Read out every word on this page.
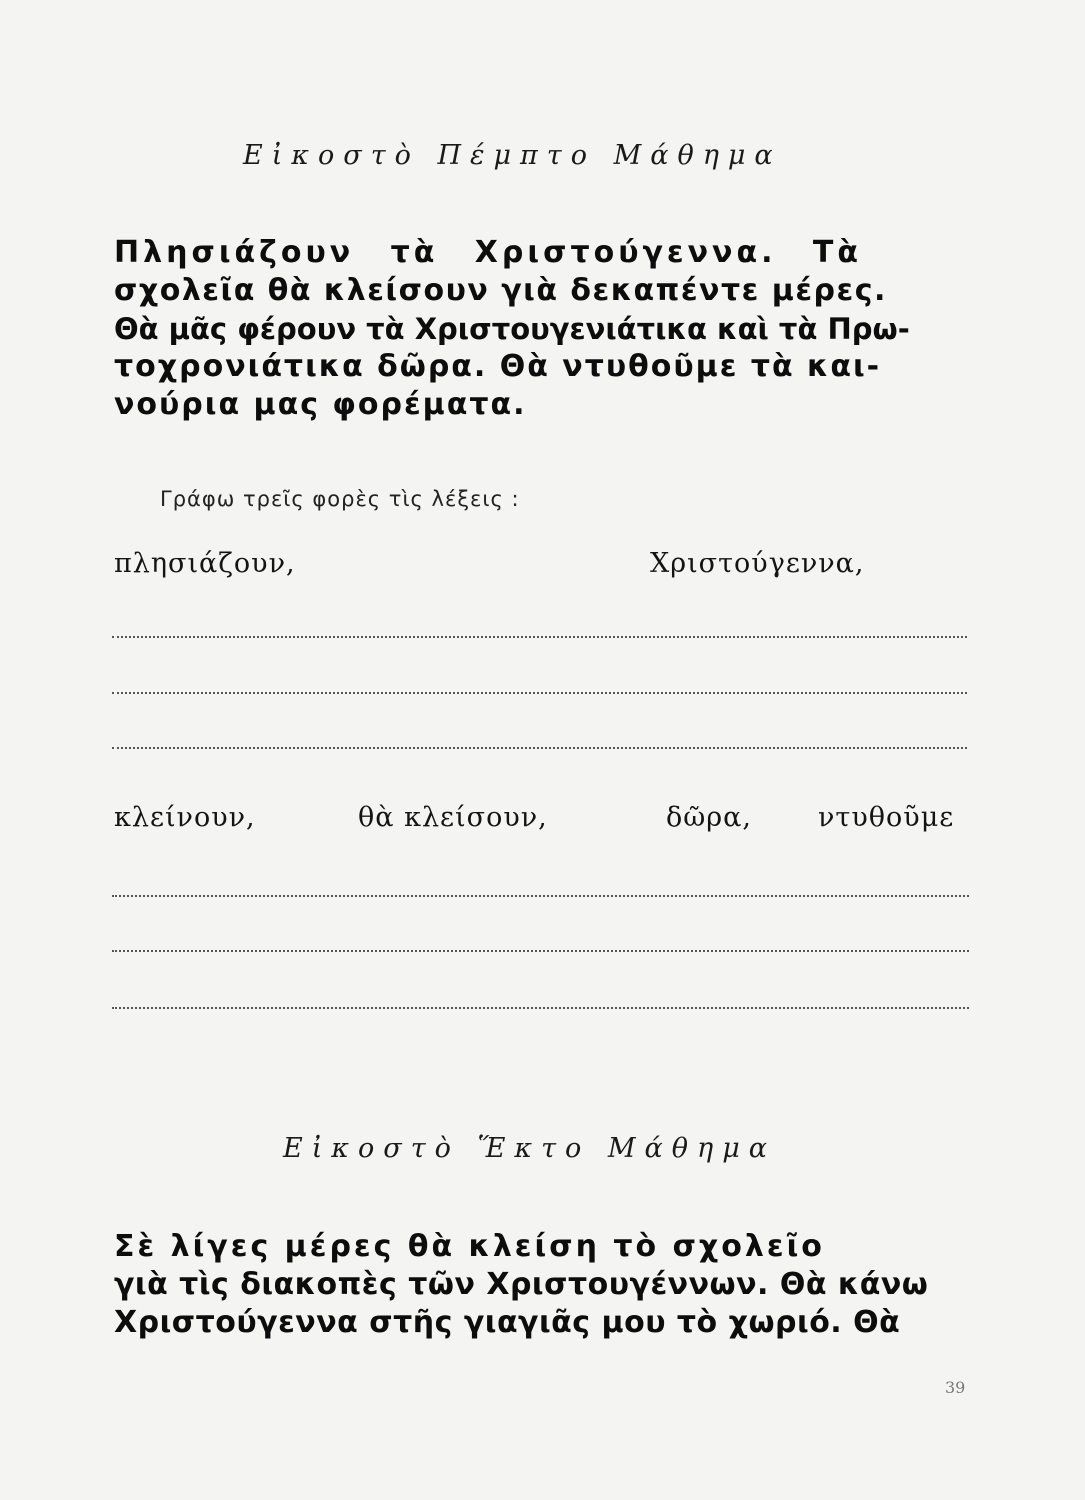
Εἰκοστὸ Πέμπτο Μάθημα
Πλησιάζουν τὰ Χριστούγεννα. Τὰ
σχολεῖα θὰ κλείσουν γιὰ δεκαπέντε μέρες.
Θὰ μᾶς φέρουν τὰ Χριστουγενιάτικα καὶ τὰ Πρω-
τοχρονιάτικα δῶρα. Θὰ ντυθοῦμε τὰ και-
νούρια μας φορέματα.
Γράφω τρεῖς φορὲς τὶς λέξεις :
πλησιάζουν,	Χριστούγεννα,
κλείνουν,	θὰ κλείσουν,	δῶρα, ντυθοῦμε
Εἰκοστὸ Ἕκτο Μάθημα
Σὲ λίγες μέρες θὰ κλείση τὸ σχολεῖο
γιὰ τὶς διακοπὲς τῶν Χριστουγέννων. Θὰ κάνω
Χριστούγεννα στῆς γιαγιᾶς μου τὸ χωριό. Θὰ
39
